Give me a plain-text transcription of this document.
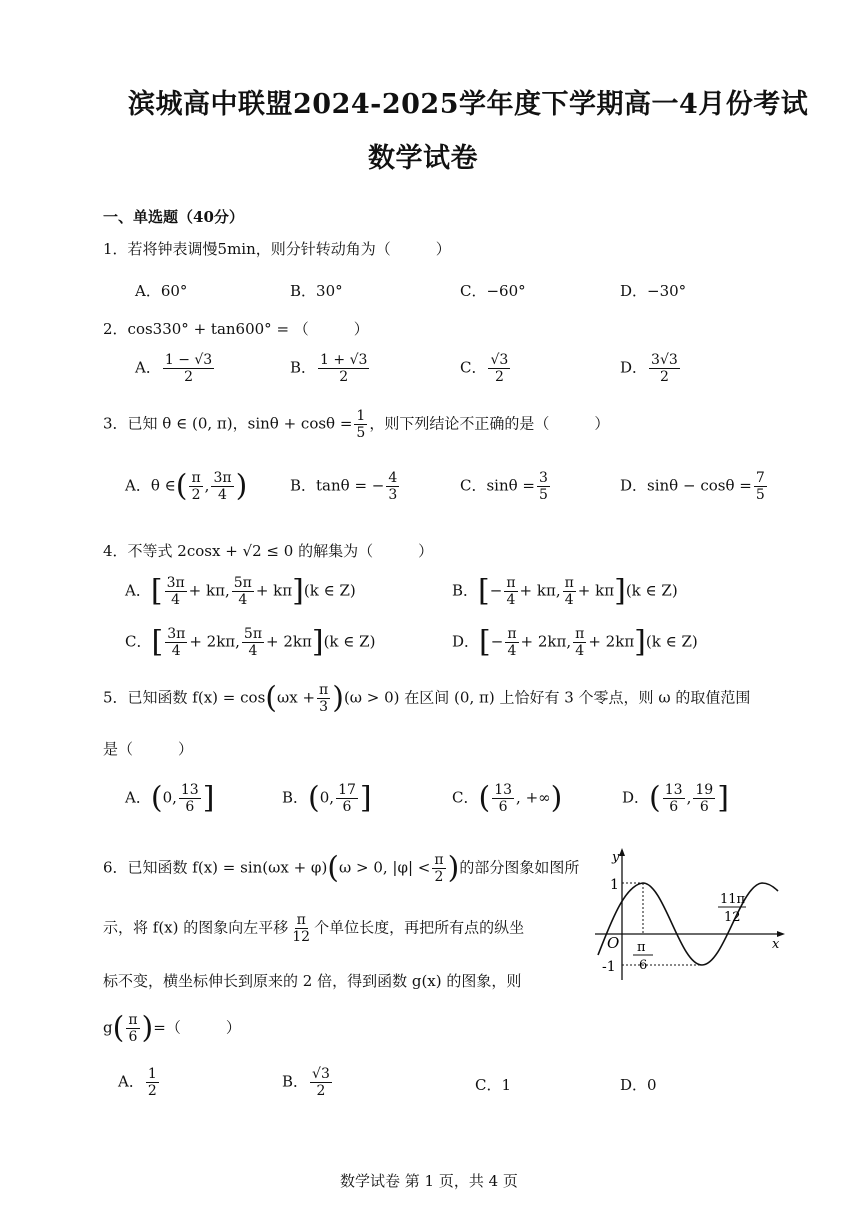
滨城高中联盟2024-2025学年度下学期高一4月份考试
数学试卷
一、单选题（40分）
1．若将钟表调慢5min，则分针转动角为（　　　）
A．60°	B．30°	C．−60°	D．−30°
2．cos330° + tan600° = （　　　）
A． $\frac{1 - √3}{2}$	B． $\frac{1 + √3}{2}$	C． $\frac{√3}{2}$	D． $\frac{3√3}{2}$
3．已知 θ ∈ (0, π)，$\sin\theta + \cos\theta = \frac{1}{5}$ ，则下列结论不正确的是（　　　）
A．θ ∈( $\frac{\pi}{2}$ , $\frac{3\pi}{4}$ )	B．tanθ = − $\frac{4}{3}$	C．$\sin\theta = \frac{3}{5}$	D．$\sin\theta - \cos\theta = \frac{7}{5}$
4．不等式 2cosx + √2 ≤ 0 的解集为（　　　）
A．[ $\frac{3\pi}{4} + k\pi$, $\frac{5\pi}{4} + k\pi](k$ ∈ Z)	B．[− $\frac{\pi}{4} + k\pi$, $\frac{\pi}{4} + k\pi](k$ ∈ Z)
C．[ $\frac{3\pi}{4} + 2k\pi$, $\frac{5\pi}{4} + 2k\pi](k$ ∈ Z)	D．[− $\frac{\pi}{4} + 2k\pi$, $\frac{\pi}{4} + 2k\pi](k$ ∈ Z)
5．已知函数 $f(x) = \cos(\omega x + \frac{\pi}{3} )(\omega > 0)$ 在区间 (0, π) 上恰好有 3 个零点，则 ω 的取值范围
是（　　　）
A．(0, $\frac{13}{6}$ ]	B．(0, $\frac{17}{6}$ ]	C．( $\frac{13}{6}$ , +∞)	D．( $\frac{13}{6}$ , $\frac{19}{6}$ ]
6．已知函数 f(x) = sin(ωx + φ)(ω > 0, $|\varphi| < \frac{\pi}{2}$ )的部分图象如图所
示，将 f(x) 的图象向左平移 $\frac{\pi}{12}$ 个单位长度，再把所有点的纵坐
标不变，横坐标伸长到原来的 2 倍，得到函数 g(x) 的图象，则
$g( \frac{\pi}{6}$ )=（　　　）
A． $\frac{1}{2}$	B． $\frac{√3}{2}$	C．1	D．0
y
x
O
1
-1
π
6
11π
12
数学试卷 第 1 页，共 4 页
